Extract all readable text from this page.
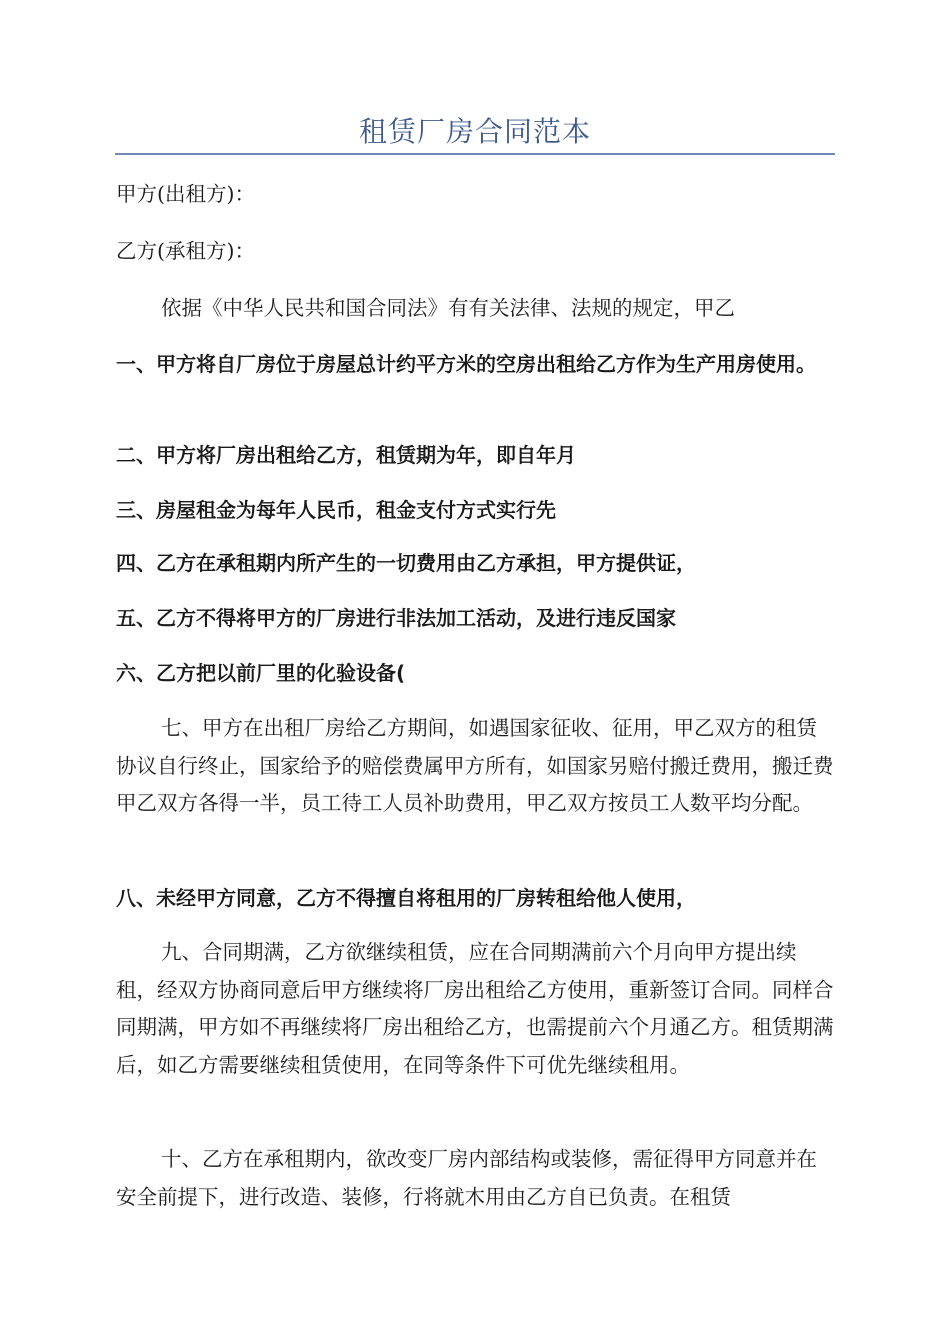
租赁厂房合同范本

甲方(出租方)：

乙方(承租方)：

依据《中华人民共和国合同法》有有关法律、法规的规定，甲乙

一、甲方将自厂房位于房屋总计约平方米的空房出租给乙方作为生产用房使用。

二、甲方将厂房出租给乙方，租赁期为年，即自年月

三、房屋租金为每年人民币，租金支付方式实行先

四、乙方在承租期内所产生的一切费用由乙方承担，甲方提供证，

五、乙方不得将甲方的厂房进行非法加工活动，及进行违反国家

六、乙方把以前厂里的化验设备(

七、甲方在出租厂房给乙方期间，如遇国家征收、征用，甲乙双方的租赁协议自行终止，国家给予的赔偿费属甲方所有，如国家另赔付搬迁费用，搬迁费甲乙双方各得一半，员工待工人员补助费用，甲乙双方按员工人数平均分配。

八、未经甲方同意，乙方不得擅自将租用的厂房转租给他人使用，

九、合同期满，乙方欲继续租赁，应在合同期满前六个月向甲方提出续租，经双方协商同意后甲方继续将厂房出租给乙方使用，重新签订合同。同样合同期满，甲方如不再继续将厂房出租给乙方，也需提前六个月通乙方。租赁期满后，如乙方需要继续租赁使用，在同等条件下可优先继续租用。

十、乙方在承租期内，欲改变厂房内部结构或装修，需征得甲方同意并在安全前提下，进行改造、装修，行将就木用由乙方自已负责。在租赁
